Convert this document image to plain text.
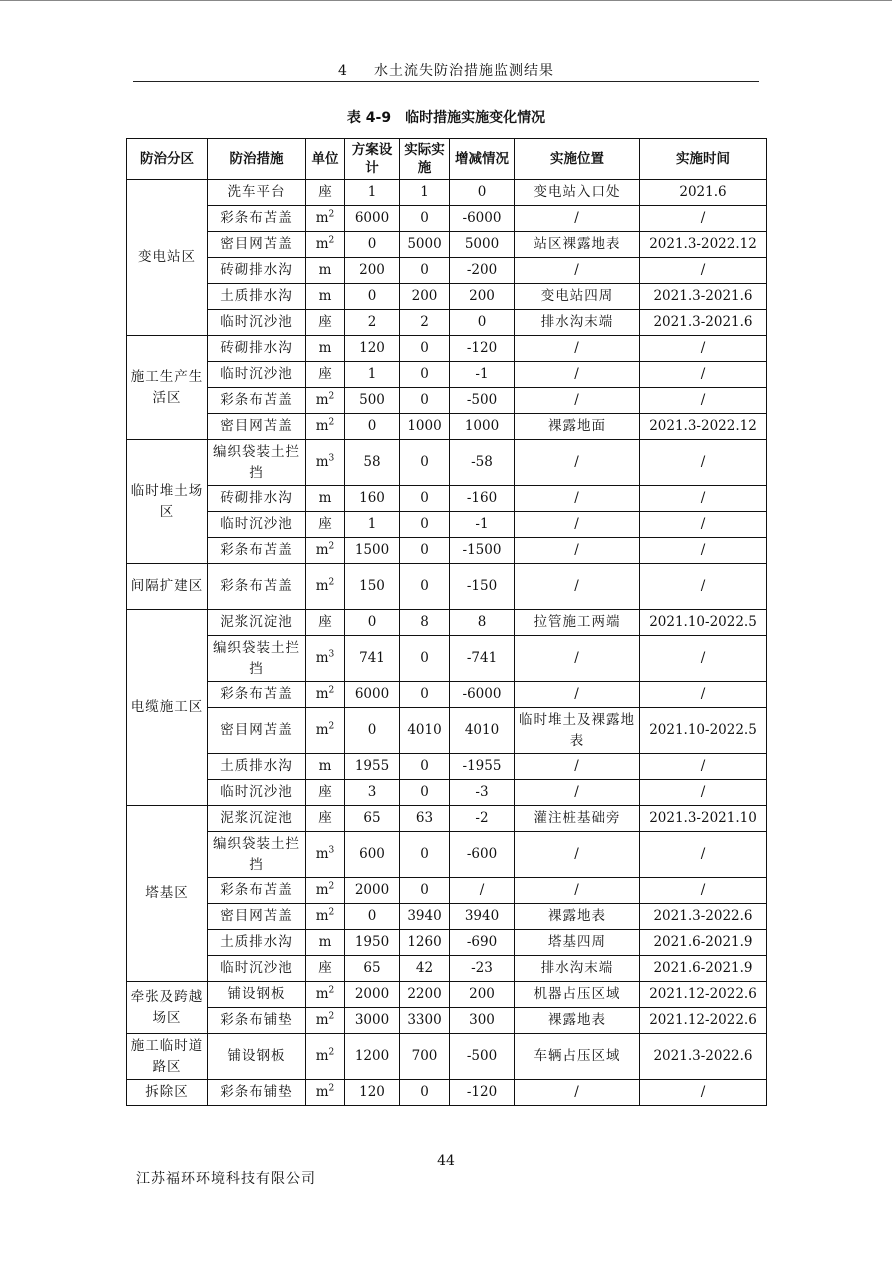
4 水土流失防治措施监测结果
表 4-9　临时措施实施变化情况
防治分区	防治措施	单位	方案设计	实际实施	增减情况	实施位置	实施时间
变电站区	洗车平台	座	1	1	0	变电站入口处	2021.6
	彩条布苫盖	$m^2$	6000	0	-6000	/	/
	密目网苫盖	$m^2$	0	5000	5000	站区裸露地表	2021.3-2022.12
	砖砌排水沟	m	200	0	-200	/	/
	土质排水沟	m	0	200	200	变电站四周	2021.3-2021.6
	临时沉沙池	座	2	2	0	排水沟末端	2021.3-2021.6
施工生产生活区	砖砌排水沟	m	120	0	-120	/	/
	临时沉沙池	座	1	0	-1	/	/
	彩条布苫盖	$m^2$	500	0	-500	/	/
	密目网苫盖	$m^2$	0	1000	1000	裸露地面	2021.3-2022.12
临时堆土场区	编织袋装土拦挡	$m^3$	58	0	-58	/	/
	砖砌排水沟	m	160	0	-160	/	/
	临时沉沙池	座	1	0	-1	/	/
	彩条布苫盖	$m^2$	1500	0	-1500	/	/
间隔扩建区	彩条布苫盖	$m^2$	150	0	-150	/	/
电缆施工区	泥浆沉淀池	座	0	8	8	拉管施工两端	2021.10-2022.5
	编织袋装土拦挡	$m^3$	741	0	-741	/	/
	彩条布苫盖	$m^2$	6000	0	-6000	/	/
	密目网苫盖	$m^2$	0	4010	4010	临时堆土及裸露地表	2021.10-2022.5
	土质排水沟	m	1955	0	-1955	/	/
	临时沉沙池	座	3	0	-3	/	/
塔基区	泥浆沉淀池	座	65	63	-2	灌注桩基础旁	2021.3-2021.10
	编织袋装土拦挡	$m^3$	600	0	-600	/	/
	彩条布苫盖	$m^2$	2000	0	/	/	/
	密目网苫盖	$m^2$	0	3940	3940	裸露地表	2021.3-2022.6
	土质排水沟	m	1950	1260	-690	塔基四周	2021.6-2021.9
	临时沉沙池	座	65	42	-23	排水沟末端	2021.6-2021.9
牵张及跨越场区	铺设钢板	$m^2$	2000	2200	200	机器占压区域	2021.12-2022.6
	彩条布铺垫	$m^2$	3000	3300	300	裸露地表	2021.12-2022.6
施工临时道路区	铺设钢板	$m^2$	1200	700	-500	车辆占压区域	2021.3-2022.6
拆除区	彩条布铺垫	$m^2$	120	0	-120	/	/
44
江苏福环环境科技有限公司
